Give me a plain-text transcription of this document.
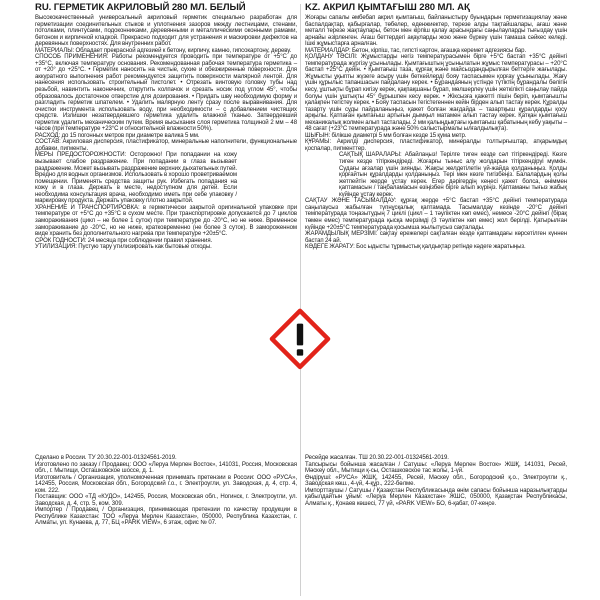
RU. ГЕРМЕТИК АКРИЛОВЫЙ 280 МЛ. БЕЛЫЙ

Высококачественный универсальный акриловый герметик специально разработан для герметизации соединительных стыков и уплотнения зазоров между лестницами, стенами, потолками, плинтусами, подоконниками, деревянными и металлическими оконными рамами, бетоном и кирпичной кладкой. Прекрасно подходит для устранения и маскировки дефектов на деревянных поверхностях. Для внутренних работ.

МАТЕРИАЛЫ: Обладает прекрасной адгезией к бетону, кирпичу, камню, гипсокартону, дереву.

СПОСОБ ПРИМЕНЕНИЯ: Работы рекомендуется проводить при температуре от +5°С до +35°С, включая температуру основания. Рекомендованная рабочая температура герметика – от +20° до +25°С. • Герметик наносить на чистые, сухие и обезжиренные поверхности. Для аккуратного выполнения работ рекомендуется защитить поверхности малярной лентой. Для нанесения использовать строительный пистолет. • Отрезать винтовую головку тубы над резьбой, навинтить наконечник, открутить колпачок и срезать носик под углом 45°, чтобы образовалось достаточное отверстие для дозирования. • Придать шву необходимую форму и разгладить герметик шпателем. • Удалить малярную ленту сразу после выравнивания. Для очистки инструмента использовать воду, при необходимости – с добавлением чистящих средств. Излишки незатвердевшего герметика удалить влажной тканью. Затвердевший герметик удалить механическим путем. Время высыхания слоя герметика толщиной 2 мм – 48 часов (при температуре +23°С и относительной влажности 50%).

РАСХОД: до 15 погонных метров при диаметре валика 5 мм.

СОСТАВ: Акриловая дисперсия, пластификатор, минеральные наполнители, функциональные добавки, пигменты.

МЕРЫ ПРЕДОСТОРОЖНОСТИ: Осторожно! При попадании на кожу вызывает слабое раздражение. При попадании в глаза вызывает раздражение. Может вызывать раздражение верхних дыхательных путей. Вредно для водных организмов. Использовать в хорошо проветриваемом помещении. Применять средства защиты рук. Избегать попадания на кожу и в глаза. Держать в месте, недоступном для детей. Если необходима консультация врача, необходимо иметь при себе упаковку / маркировку продукта. Держать упаковку плотно закрытой.

ХРАНЕНИЕ И ТРАНСПОРТИРОВКА: в герметически закрытой оригинальной упаковке при температуре от +5°С до +35°С в сухом месте. При транспортировке допускается до 7 циклов замораживания (цикл – не более 1 суток) при температуре до -20°С, но не ниже. Временное замораживание до -20°С, но не ниже, кратковременно (не более 3 суток). В замороженном виде хранить без дополнительного нагрева при температуре +20±5°С.

СРОК ГОДНОСТИ: 24 месяца при соблюдении правил хранения.

УТИЛИЗАЦИЯ: Пустую тару утилизировать как бытовые отходы.

KZ. АКРИЛ ҚЫМТАҒЫШ 280 МЛ. АҚ

Жоғары сапалы әмбебап акрил қымтағыш, байланыстыру буындарын герметизациялау және баспалдақтар, қабырғалар, төбелер, еденжиектер, терезе алды тақтайшалары, ағаш және металл терезе жақтаулары, бетон мен кірпіш қалау арасындағы саңылауларды тығыздау үшін арнайы әзірленген. Ағаш беттердегі ақауларды жою және бүркеу үшін тамаша сәйкес келеді. Ішкі жұмыстарға арналған.

МАТЕРИАЛДАР: Бетон, кірпіш, тас, гипсті картон, ағашқа керемет адгезиясы бар.

ҚОЛДАНУ ТӘСІЛІ: Жұмыстарды негіз температурасымен бірге +5°С бастап +35°С дейінгі температурада жүргізу ұсынылады. Қымтағыштың ұсынылатын жұмыс температурасы – +20°С бастап +25°С дейін. • Қымтағыш таза, құрғақ және майсыздандырылған беттерге жағылады. Жұмысты ұқыпты жүзеге асыру үшін беткейлерді бояу таспасымен қорғау ұсынылады. Жағу үшін құрылыс тапаншасын пайдалану керек. • Бұрандаяның үстінде түтіктің бұрандалы бөлігін кесу, ұштықты бұрап кигізу керек, қақпақшаны бұрап, мөлшерлеу үшін жеткілікті саңылау пайда болуы үшін ұштықты 45° бұрышпен кесу керек. • Жіксызға қажетті пішін беріп, қымтағышты қалақпен тегістеу керек. • Бояу таспасын тегістегеннен кейін бірден алып тастау керек. Құралды тазарту үшін суды пайдаланыңыз, қажет болған жағдайда – тазартқыш құралдарды қосу арқылы. Қатпаған қымтағыш артығын дымқыл матамен алып тастау керек. Қатқан қымтағыш механикалық жолмен алып тасталады. 2 мм қалыңдықтағы қымтағыш қабатының кебу уақыты – 48 сағат (+23°С температурада және 50% салыстырмалы ылғалдылықта).

ШЫҒЫН: білікше диаметрі 5 мм болған кезде 15 қума метр.

ҚҰРАМЫ: Акрилді дисперсия, пластификатор, минералды толтырғыштар, атқарымдық қоспалар, пигменттер.

САҚТЫҚ ШАРАЛАРЫ: Абайлаңыз! Терілге тиген кезде сәл тітіркендіреді. Көзге тиген кезде тітіркендіреді. Жоғарғы тыныс алу жолдарын тітіркендіруі мүмкін. Судағы ағзалар үшін зиянды. Жақсы желдетілетін үй-жайда қолданыңыз. Қолды қорғайтын құралдарды қолданыңыз. Тері мен көзге тигізбеңіз. Балалардың қолы жетпейтін жерде ұстау керек. Егер дәрігердің кеңесі қажет болса, өніммен қаптамасын / таңбаламасын өзіңізбен бірге алып жүріңіз. Қаптаманы тығыз жабық күйінде ұстау керек.

САҚТАУ ЖӘНЕ ТАСЫМАЛДАУ: құрғақ жерде +5°С бастап +35°С дейінгі температурада саңылаусыз жабылған түпнұсқалық қаптамада. Тасымалдау кезінде -20°С дейінгі температурада тоңазытудың 7 циклі (цикл – 1 тәуліктен көп емес), немесе -20°С дейінгі (бірақ төмен емес) температурада қысқа мерзімді (3 тәуліктен көп емес) жол берілді. Қатырылған күйінде +20±5°С температурада қосымша жылытусыз сақталады.

ЖАРАМДЫЛЫҚ МЕРЗІМІ: сақтау ережелері сақталған кезде қаптамадағы көрсетілген күннен бастап 24 ай.

КӘДЕГЕ ЖАРАТУ: Бос ыдысты тұрмыстық қалдықтар ретінде кәдеге жаратыңыз.

Сделано в России. ТУ 20.30.22-001-01324561-2019.

Изготовлено по заказу / Продавец: ООО «Леруа Мерлен Восток», 141031, Россия, Московская обл., г. Мытищи, Осташковское шоссе, д. 1.

Изготовитель / Организация, уполномоченная принимать претензии в России: ООО «РУСА», 142455, Россия, Московская обл., Богородский г.о., г. Электроугли, ул. Заводская, д. 4, стр. 4, ком. 222.

Поставщик: ООО «ТД «КУДО», 142455, Россия, Московская обл., Ногинск, г. Электроугли, ул. Заводская, д. 4, стр. 5, ком. 309.

Импортер / Продавец / Организация, принимающая претензии по качеству продукции в Республике Казахстан: ТОО «Леруа Мерлен Казахстан», 050000, Республика Казахстан, г. Алматы, ул. Кунаева, д. 77, БЦ «PARK VIEW», 6 этаж, офис № 07.

Ресейде жасалған. ТШ 20.30.22-001-01324561-2019.

Тапсырысы бойынша жасалған / Сатушы: «Леруа Мерлен Восток» ЖШҚ, 141031, Ресей, Мәскеу обл., Мытищи қ-сы, Осташковское тас жолы, 1-үй.

Өндіруші: «РУСА» ЖШҚ, 142455, Ресей, Мәскеу обл., Богородский қ.о., Электроугли қ., Заводская көш., 4-үй, 4-құр., 222-бөлме.

Импорттаушы / Сатушы / Қазақстан Республикасында өнім сапасы бойынша наразылықтарды қабылдайтын ұйым: «Леруа Мерлен Казахстан» ЖШС, 050000, Қазақстан Республикасы, Алматы қ., Қонаев көшесі, 77 үй, «PARK VIEW» БО, 6-қабат, 07-кеңсе.
